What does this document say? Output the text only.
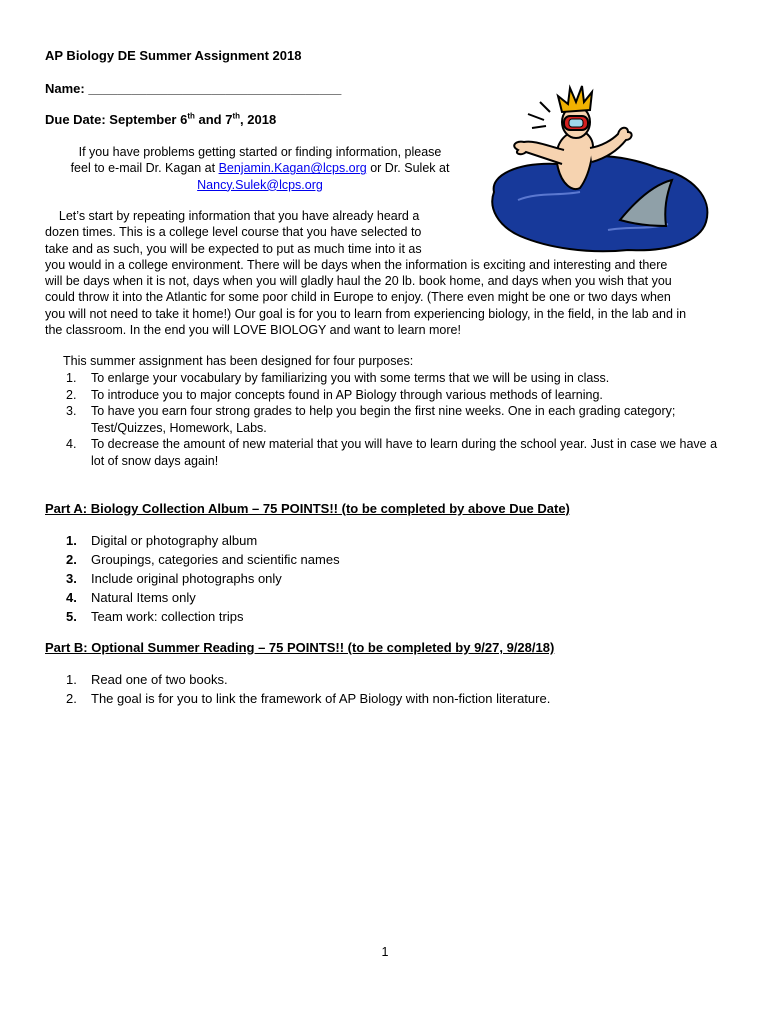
AP Biology DE Summer Assignment 2018
Name: ___________________________________
Due Date: September 6th and 7th, 2018
If you have problems getting started or finding information, please
feel to e-mail Dr. Kagan at Benjamin.Kagan@lcps.org or Dr. Sulek at
Nancy.Sulek@lcps.org
Let’s start by repeating information that you have already heard a
dozen times. This is a college level course that you have selected to
take and as such, you will be expected to put as much time into it as
you would in a college environment. There will be days when the information is exciting and interesting and there
will be days when it is not, days when you will gladly haul the 20 lb. book home, and days when you wish that you
could throw it into the Atlantic for some poor child in Europe to enjoy. (There even might be one or two days when
you will not need to take it home!) Our goal is for you to learn from experiencing biology, in the field, in the lab and in
the classroom. In the end you will LOVE BIOLOGY and want to learn more!
This summer assignment has been designed for four purposes:
1. To enlarge your vocabulary by familiarizing you with some terms that we will be using in class.
2. To introduce you to major concepts found in AP Biology through various methods of learning.
3. To have you earn four strong grades to help you begin the first nine weeks. One in each grading category; Test/Quizzes, Homework, Labs.
4. To decrease the amount of new material that you will have to learn during the school year. Just in case we have a lot of snow days again!
Part A: Biology Collection Album – 75 POINTS!! (to be completed by above Due Date)
1. Digital or photography album
2. Groupings, categories and scientific names
3. Include original photographs only
4. Natural Items only
5. Team work: collection trips
Part B: Optional Summer Reading – 75 POINTS!! (to be completed by 9/27, 9/28/18)
1. Read one of two books.
2. The goal is for you to link the framework of AP Biology with non-fiction literature.
1
